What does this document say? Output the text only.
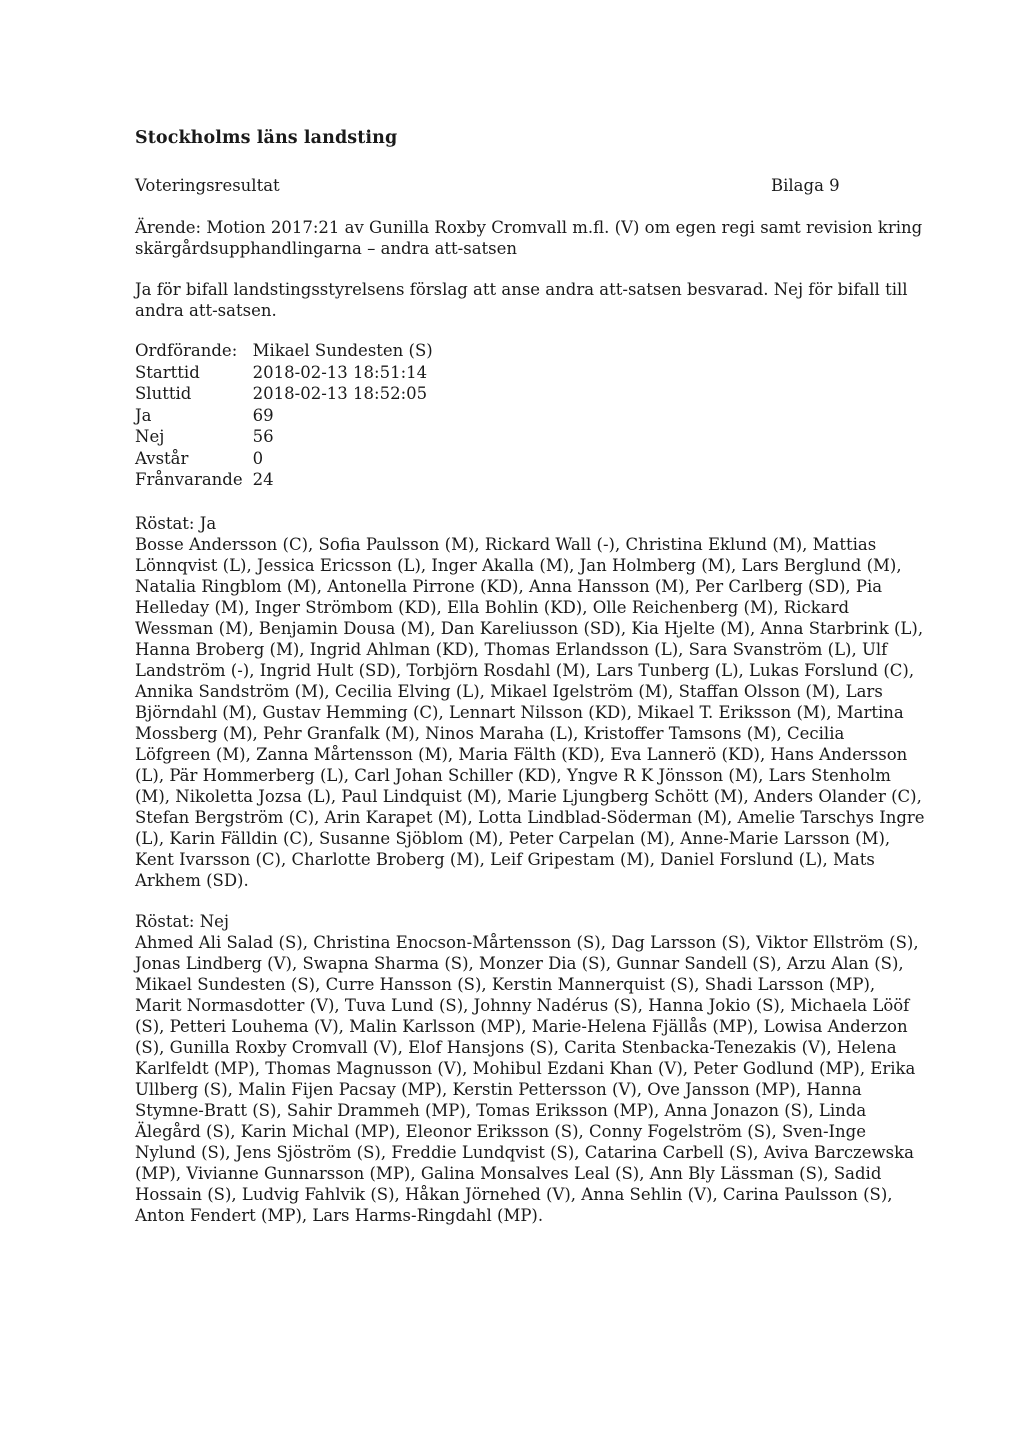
Stockholms läns landsting
Voteringsresultat	Bilaga 9

Ärende: Motion 2017:21 av Gunilla Roxby Cromvall m.fl. (V) om egen regi samt revision kring skärgårdsupphandlingarna – andra att-satsen

Ja för bifall landstingsstyrelsens förslag att anse andra att-satsen besvarad. Nej för bifall till andra att-satsen.

Ordförande:	Mikael Sundesten (S)
Starttid	2018-02-13 18:51:14
Sluttid	2018-02-13 18:52:05
Ja	69
Nej	56
Avstår	0
Frånvarande	24

Röstat: Ja

Bosse Andersson (C), Sofia Paulsson (M), Rickard Wall (-), Christina Eklund (M), Mattias Lönnqvist (L), Jessica Ericsson (L), Inger Akalla (M), Jan Holmberg (M), Lars Berglund (M), Natalia Ringblom (M), Antonella Pirrone (KD), Anna Hansson (M), Per Carlberg (SD), Pia Helleday (M), Inger Strömbom (KD), Ella Bohlin (KD), Olle Reichenberg (M), Rickard Wessman (M), Benjamin Dousa (M), Dan Kareliusson (SD), Kia Hjelte (M), Anna Starbrink (L), Hanna Broberg (M), Ingrid Ahlman (KD), Thomas Erlandsson (L), Sara Svanström (L), Ulf Landström (-), Ingrid Hult (SD), Torbjörn Rosdahl (M), Lars Tunberg (L), Lukas Forslund (C), Annika Sandström (M), Cecilia Elving (L), Mikael Igelström (M), Staffan Olsson (M), Lars Björndahl (M), Gustav Hemming (C), Lennart Nilsson (KD), Mikael T. Eriksson (M), Martina Mossberg (M), Pehr Granfalk (M), Ninos Maraha (L), Kristoffer Tamsons (M), Cecilia Löfgreen (M), Zanna Mårtensson (M), Maria Fälth (KD), Eva Lannerö (KD), Hans Andersson (L), Pär Hommerberg (L), Carl Johan Schiller (KD), Yngve R K Jönsson (M), Lars Stenholm (M), Nikoletta Jozsa (L), Paul Lindquist (M), Marie Ljungberg Schött (M), Anders Olander (C), Stefan Bergström (C), Arin Karapet (M), Lotta Lindblad-Söderman (M), Amelie Tarschys Ingre (L), Karin Fälldin (C), Susanne Sjöblom (M), Peter Carpelan (M), Anne-Marie Larsson (M), Kent Ivarsson (C), Charlotte Broberg (M), Leif Gripestam (M), Daniel Forslund (L), Mats Arkhem (SD).

Röstat: Nej

Ahmed Ali Salad (S), Christina Enocson-Mårtensson (S), Dag Larsson (S), Viktor Ellström (S), Jonas Lindberg (V), Swapna Sharma (S), Monzer Dia (S), Gunnar Sandell (S), Arzu Alan (S), Mikael Sundesten (S), Curre Hansson (S), Kerstin Mannerquist (S), Shadi Larsson (MP), Marit Normasdotter (V), Tuva Lund (S), Johnny Nadérus (S), Hanna Jokio (S), Michaela Lööf (S), Petteri Louhema (V), Malin Karlsson (MP), Marie-Helena Fjällås (MP), Lowisa Anderzon (S), Gunilla Roxby Cromvall (V), Elof Hansjons (S), Carita Stenbacka-Tenezakis (V), Helena Karlfeldt (MP), Thomas Magnusson (V), Mohibul Ezdani Khan (V), Peter Godlund (MP), Erika Ullberg (S), Malin Fijen Pacsay (MP), Kerstin Pettersson (V), Ove Jansson (MP), Hanna Stymne-Bratt (S), Sahir Drammeh (MP), Tomas Eriksson (MP), Anna Jonazon (S), Linda Älegård (S), Karin Michal (MP), Eleonor Eriksson (S), Conny Fogelström (S), Sven-Inge Nylund (S), Jens Sjöström (S), Freddie Lundqvist (S), Catarina Carbell (S), Aviva Barczewska (MP), Vivianne Gunnarsson (MP), Galina Monsalves Leal (S), Ann Bly Lässman (S), Sadid Hossain (S), Ludvig Fahlvik (S), Håkan Jörnehed (V), Anna Sehlin (V), Carina Paulsson (S), Anton Fendert (MP), Lars Harms-Ringdahl (MP).
